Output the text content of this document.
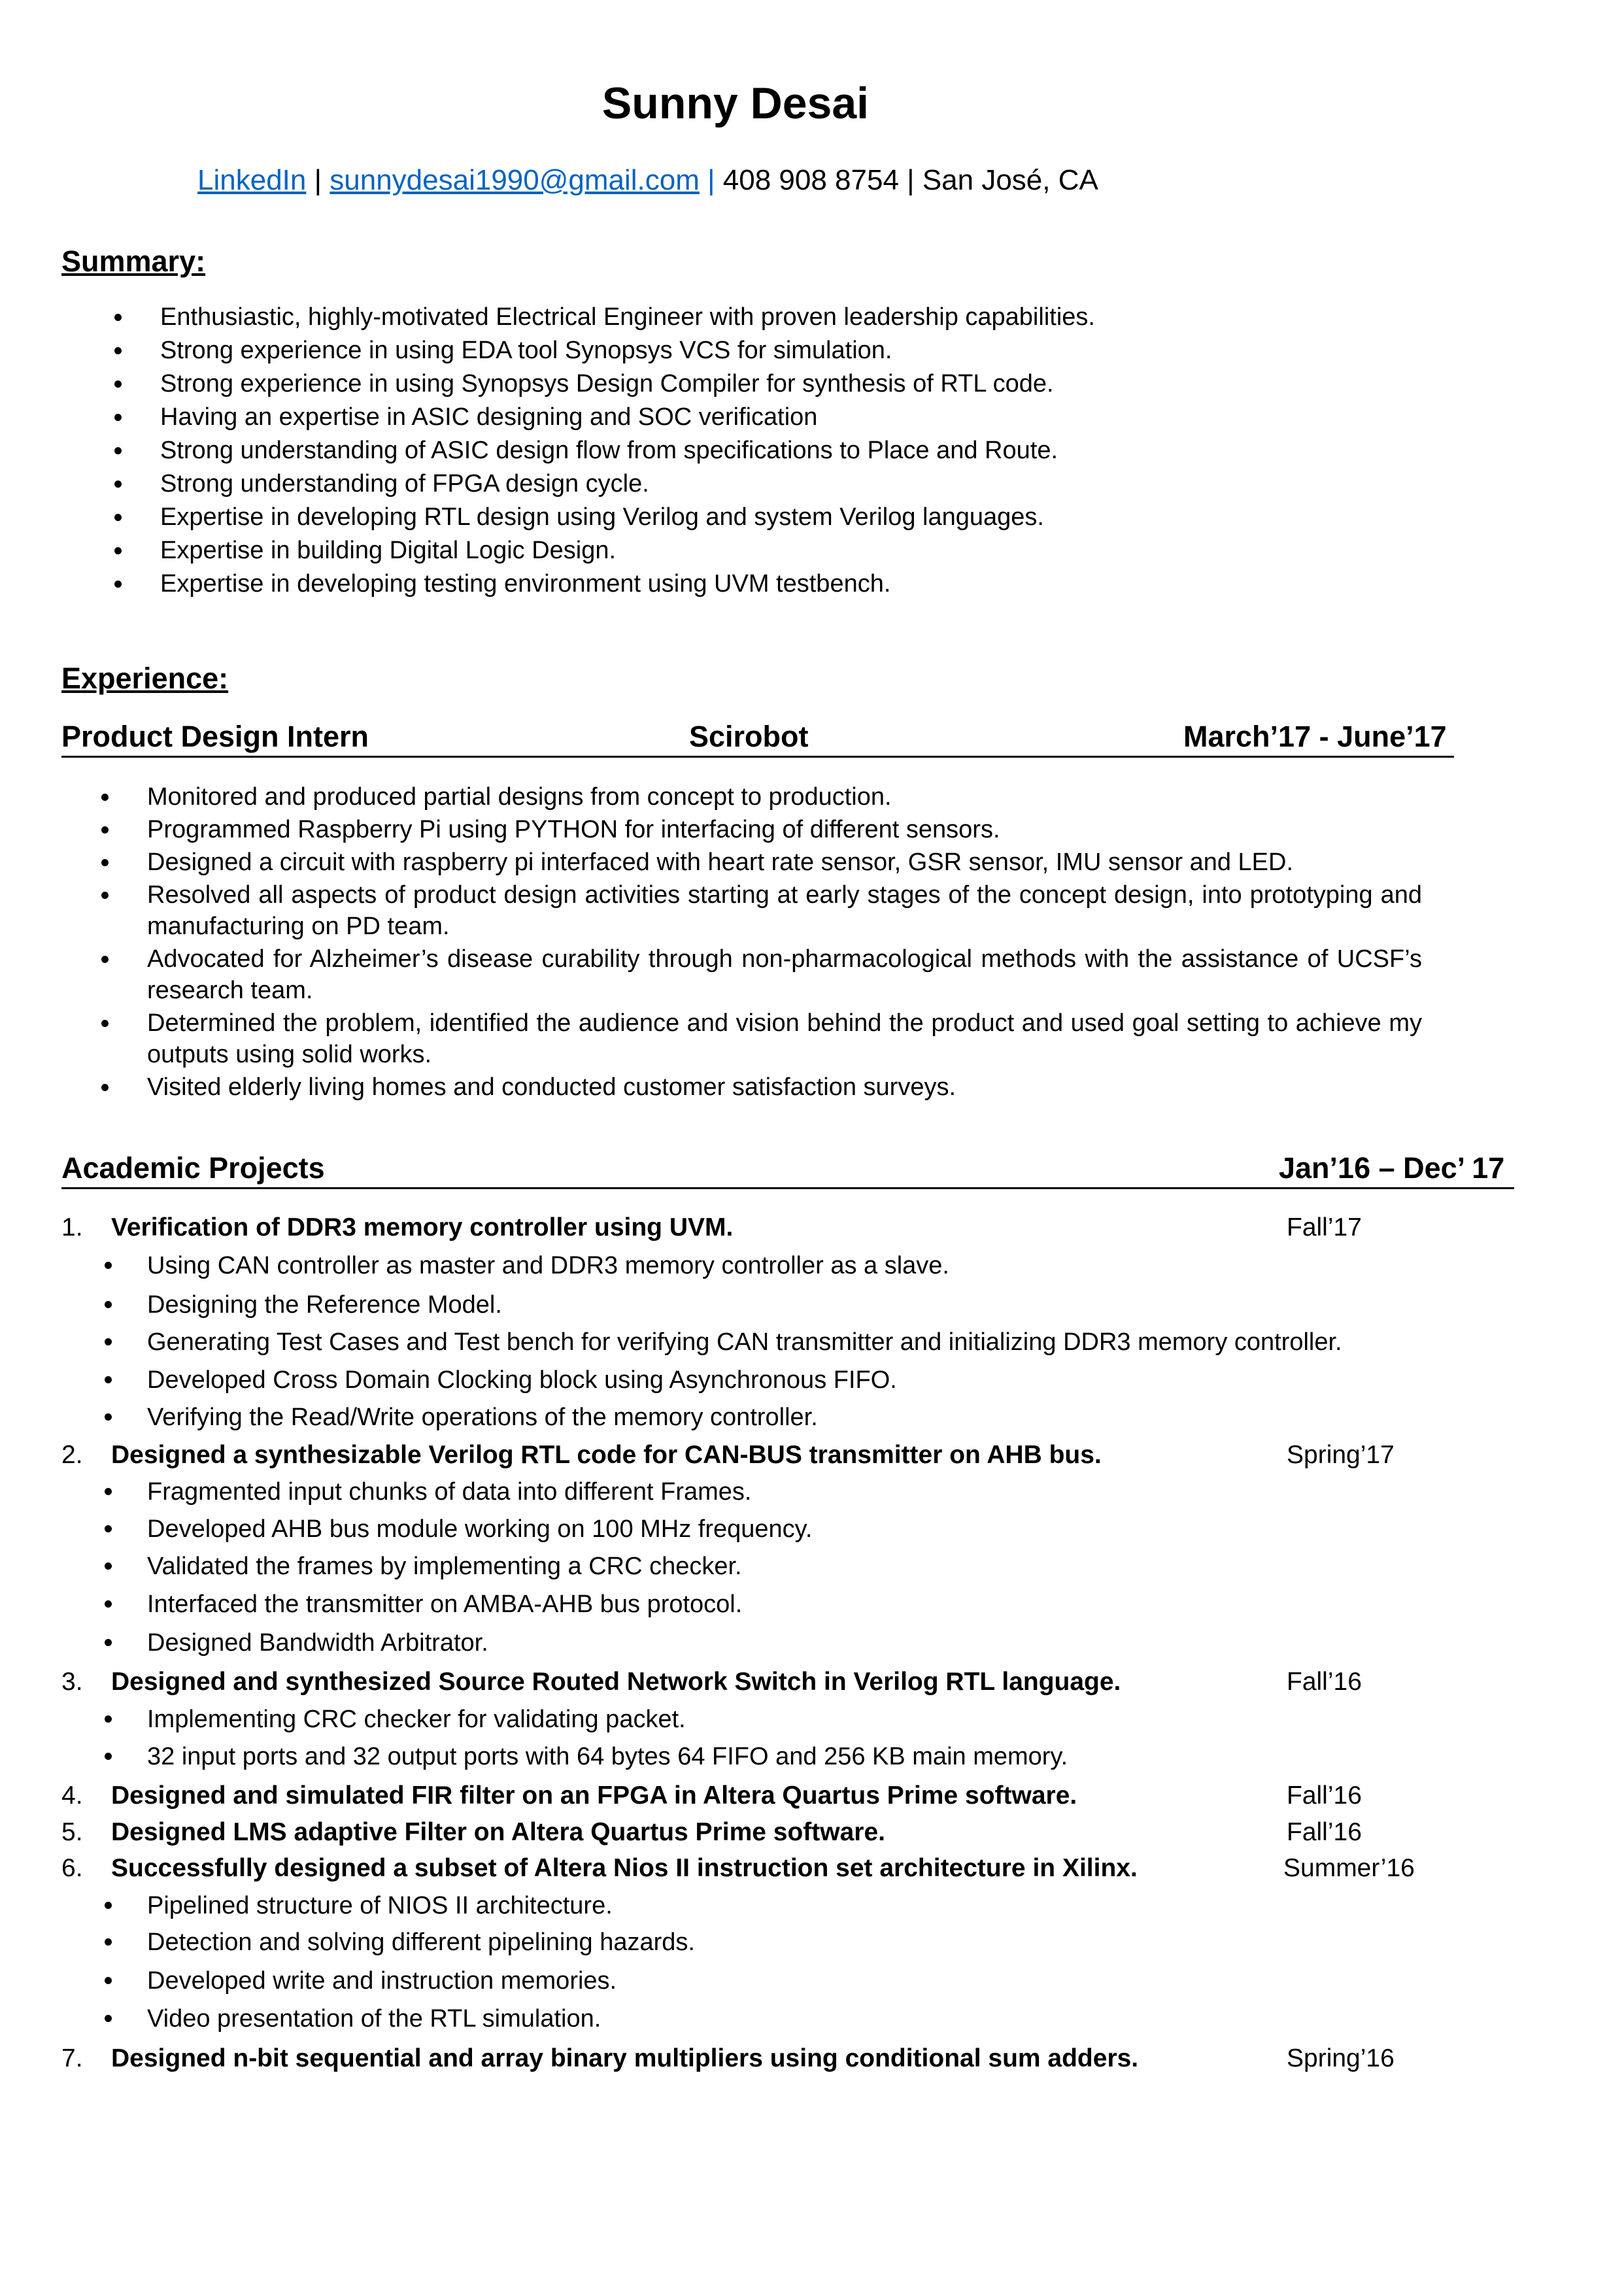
Sunny Desai
LinkedIn | sunnydesai1990@gmail.com | 408 908 8754 | San José, CA
Summary:
Enthusiastic, highly-motivated Electrical Engineer with proven leadership capabilities.
Strong experience in using EDA tool Synopsys VCS for simulation.
Strong experience in using Synopsys Design Compiler for synthesis of RTL code.
Having an expertise in ASIC designing and SOC verification
Strong understanding of ASIC design flow from specifications to Place and Route.
Strong understanding of FPGA design cycle.
Expertise in developing RTL design using Verilog and system Verilog languages.
Expertise in building Digital Logic Design.
Expertise in developing testing environment using UVM testbench.
Experience:
Product Design Intern	Scirobot	March’17 - June’17
Monitored and produced partial designs from concept to production.
Programmed Raspberry Pi using PYTHON for interfacing of different sensors.
Designed a circuit with raspberry pi interfaced with heart rate sensor, GSR sensor, IMU sensor and LED.
Resolved all aspects of product design activities starting at early stages of the concept design, into prototyping and manufacturing on PD team.
Advocated for Alzheimer’s disease curability through non-pharmacological methods with the assistance of UCSF’s research team.
Determined the problem, identified the audience and vision behind the product and used goal setting to achieve my outputs using solid works.
Visited elderly living homes and conducted customer satisfaction surveys.
Academic Projects	Jan’16 – Dec’ 17
1. Verification of DDR3 memory controller using UVM.	Fall’17
Using CAN controller as master and DDR3 memory controller as a slave.
Designing the Reference Model.
Generating Test Cases and Test bench for verifying CAN transmitter and initializing DDR3 memory controller.
Developed Cross Domain Clocking block using Asynchronous FIFO.
Verifying the Read/Write operations of the memory controller.
2. Designed a synthesizable Verilog RTL code for CAN-BUS transmitter on AHB bus.	Spring’17
Fragmented input chunks of data into different Frames.
Developed AHB bus module working on 100 MHz frequency.
Validated the frames by implementing a CRC checker.
Interfaced the transmitter on AMBA-AHB bus protocol.
Designed Bandwidth Arbitrator.
3. Designed and synthesized Source Routed Network Switch in Verilog RTL language.	Fall’16
Implementing CRC checker for validating packet.
32 input ports and 32 output ports with 64 bytes 64 FIFO and 256 KB main memory.
4. Designed and simulated FIR filter on an FPGA in Altera Quartus Prime software.	Fall’16
5. Designed LMS adaptive Filter on Altera Quartus Prime software.	Fall’16
6. Successfully designed a subset of Altera Nios II instruction set architecture in Xilinx.	Summer’16
Pipelined structure of NIOS II architecture.
Detection and solving different pipelining hazards.
Developed write and instruction memories.
Video presentation of the RTL simulation.
7. Designed n-bit sequential and array binary multipliers using conditional sum adders.	Spring’16
